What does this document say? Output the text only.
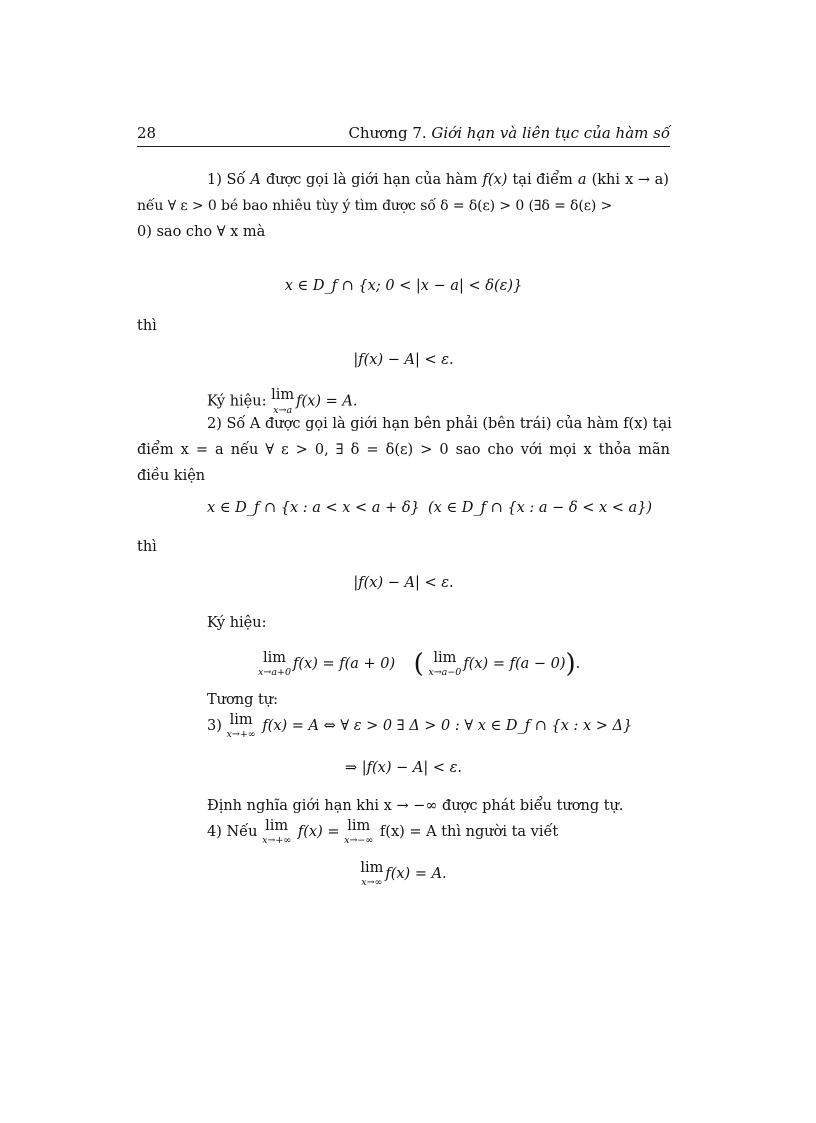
28	Chương 7. Giới hạn và liên tục của hàm số
1) Số A được gọi là giới hạn của hàm f(x) tại điểm a (khi x → a)
nếu ∀ ε > 0 bé bao nhiêu tùy ý tìm được số δ = δ(ε) > 0 (∃δ = δ(ε) >
0) sao cho ∀ x mà
x ∈ D_f ∩ {x; 0 < |x − a| < δ(ε)}
thì
|f(x) − A| < ε.
Ký hiệu: lim
x→a
f(x) = A.
2) Số A được gọi là giới hạn bên phải (bên trái) của hàm f(x) tại
điểm x = a nếu ∀ ε > 0, ∃ δ = δ(ε) > 0 sao cho với mọi x thỏa mãn
điều kiện
x ∈ D_f ∩ {x : a < x < a + δ} (x ∈ D_f ∩ {x : a − δ < x < a})
thì
|f(x) − A| < ε.
Ký hiệu:
lim
x→a+0
f(x) = f(a + 0) ( lim
x→a−0
f(x) = f(a − 0)).
Tương tự:
3) lim
x→+∞
f(x) = A ⇔ ∀ ε > 0 ∃ Δ > 0 : ∀ x ∈ D_f ∩ {x : x > Δ}
⇒ |f(x) − A| < ε.
Định nghĩa giới hạn khi x → −∞ được phát biểu tương tự.
4) Nếu lim
x→+∞
f(x) = lim
x→−∞
f(x) = A thì người ta viết
lim
x→∞
f(x) = A.
